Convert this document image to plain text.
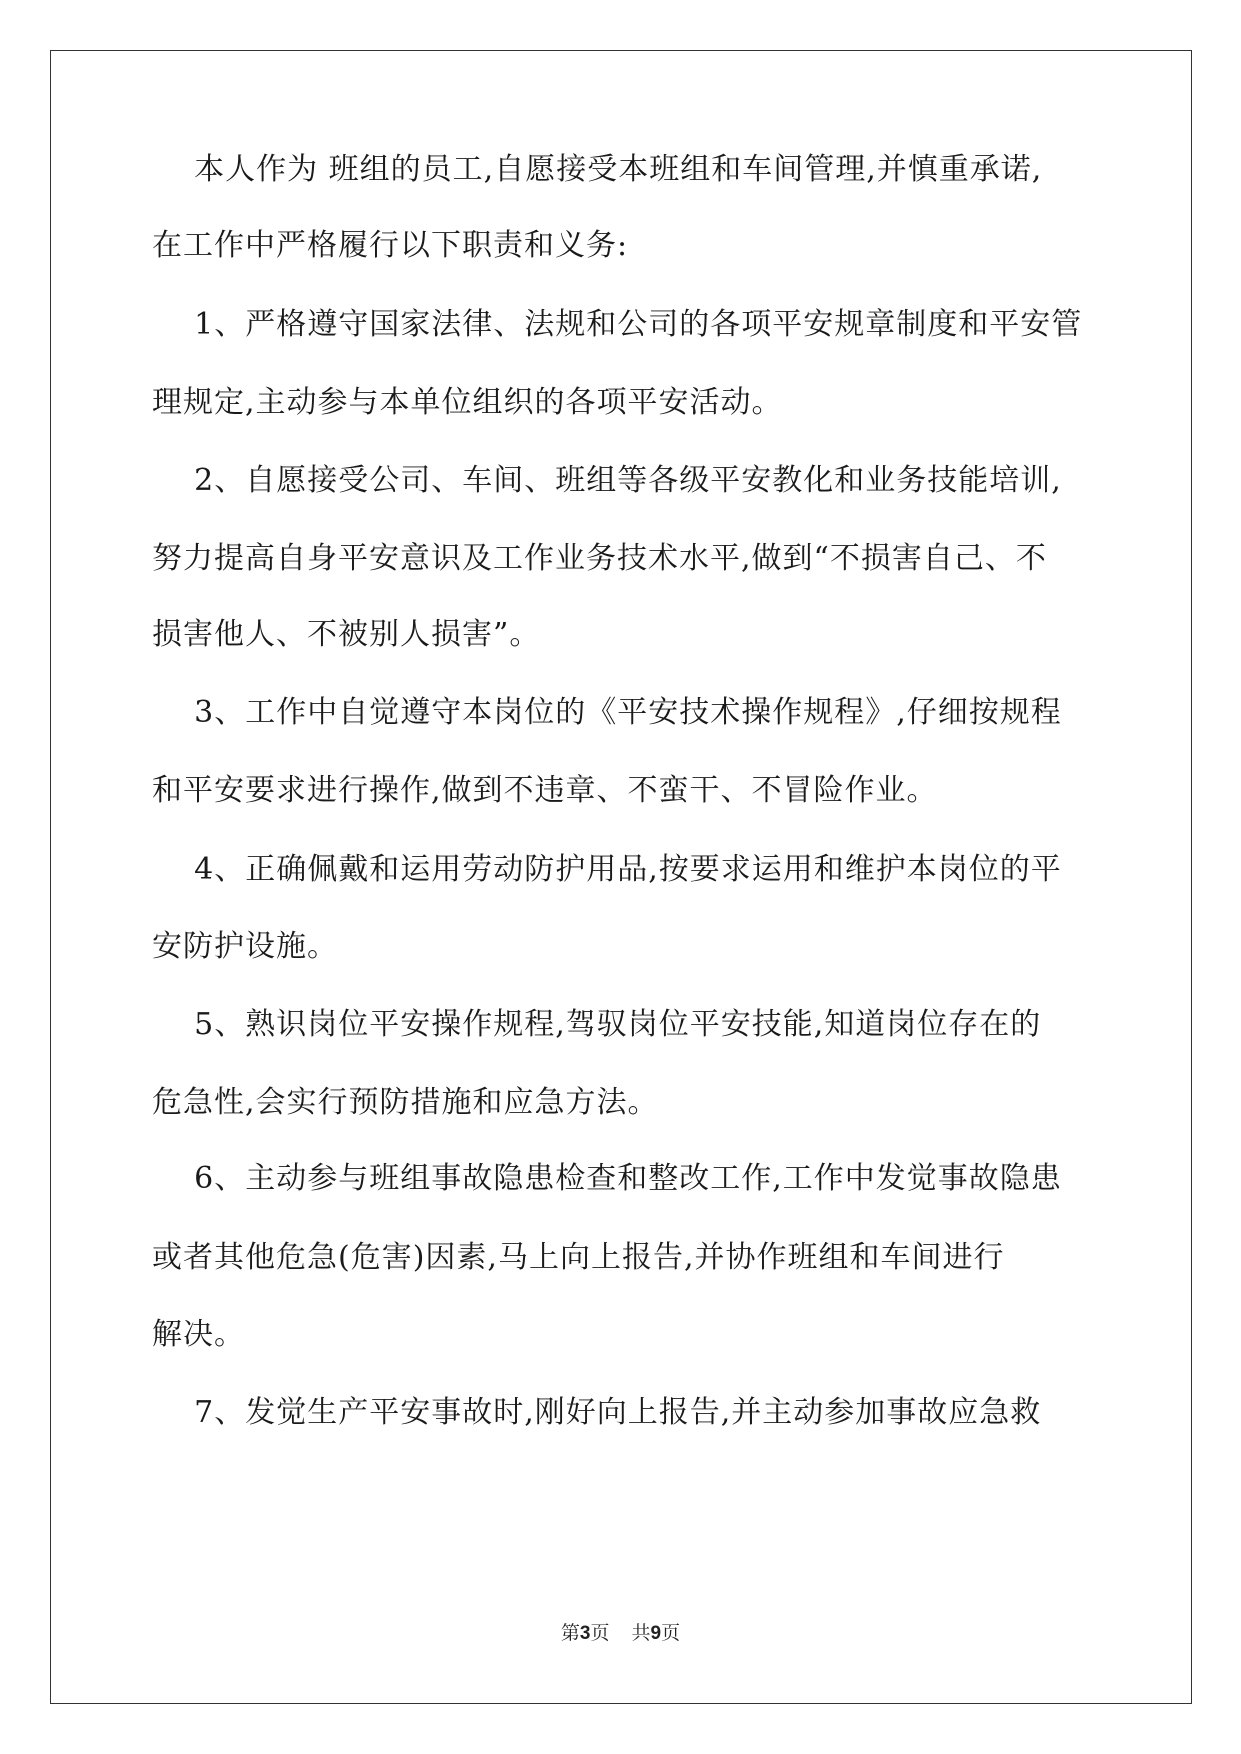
本人作为 班组的员工,自愿接受本班组和车间管理,并慎重承诺,
在工作中严格履行以下职责和义务:
1、严格遵守国家法律、法规和公司的各项平安规章制度和平安管
理规定,主动参与本单位组织的各项平安活动。
2、自愿接受公司、车间、班组等各级平安教化和业务技能培训,
努力提高自身平安意识及工作业务技术水平,做到“不损害自己、不
损害他人、不被别人损害”。
3、工作中自觉遵守本岗位的《平安技术操作规程》,仔细按规程
和平安要求进行操作,做到不违章、不蛮干、不冒险作业。
4、正确佩戴和运用劳动防护用品,按要求运用和维护本岗位的平
安防护设施。
5、熟识岗位平安操作规程,驾驭岗位平安技能,知道岗位存在的
危急性,会实行预防措施和应急方法。
6、主动参与班组事故隐患检查和整改工作,工作中发觉事故隐患
或者其他危急(危害)因素,马上向上报告,并协作班组和车间进行
解决。
7、发觉生产平安事故时,刚好向上报告,并主动参加事故应急救
第3页 共9页
